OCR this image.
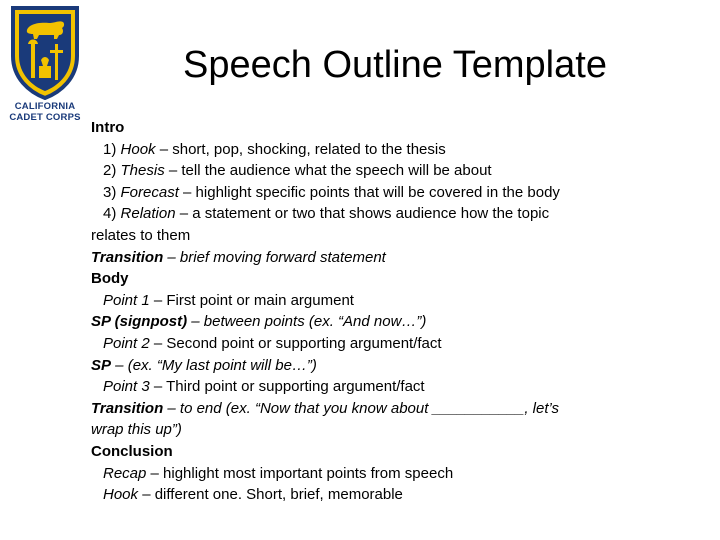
CALIFORNIA
CADET CORPS
Speech Outline Template
Intro
1) Hook – short, pop, shocking, related to the thesis
2) Thesis – tell the audience what the speech will be about
3) Forecast – highlight specific points that will be covered in the body
4) Relation – a statement or two that shows audience how the topic
relates to them
Transition – brief moving forward statement
Body
Point 1 – First point or main argument
SP (signpost) – between points (ex. “And now…”)
Point 2 – Second point or supporting argument/fact
SP – (ex. “My last point will be…”)
Point 3 – Third point or supporting argument/fact
Transition – to end (ex. “Now that you know about ___________, let’s
wrap this up”)
Conclusion
Recap – highlight most important points from speech
Hook – different one. Short, brief, memorable
